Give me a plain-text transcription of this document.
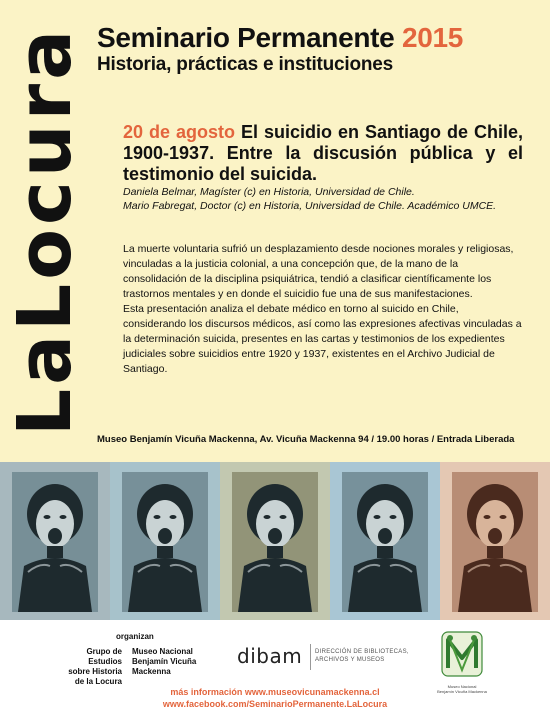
LaLocura Seminario Permanente 2015
Historia, prácticas e instituciones
20 de agosto El suicidio en Santiago de Chile, 1900-1937. Entre la discusión pública y el testimonio del suicida.
Daniela Belmar, Magíster (c) en Historia, Universidad de Chile.
Mario Fabregat, Doctor (c) en Historia, Universidad de Chile. Académico UMCE.

La muerte voluntaria sufrió un desplazamiento desde nociones morales y religiosas, vinculadas a la justicia colonial, a una concepción que, de la mano de la consolidación de la disciplina psiquiátrica, tendió a clasificar científicamente los trastornos mentales y en donde el suicidio fue una de sus manifestaciones.

Esta presentación analiza el debate médico en torno al suicido en Chile, considerando los discursos médicos, así como las expresiones afectivas vinculadas a la determinación suicida, presentes en las cartas y testimonios de los expedientes judiciales sobre suicidios entre 1920 y 1937, existentes en el Archivo Judicial de Santiago.

Museo Benjamín Vicuña Mackenna, Av. Vicuña Mackenna 94 / 19.00 horas / Entrada Liberada
organizan
Grupo de Estudios
sobre Historia
de la Locura
Museo Nacional
Benjamín Vicuña
Mackenna
dibam DIRECCIÓN DE BIBLIOTECAS,
ARCHIVOS Y MUSEOS
Museo Nacional
Benjamín Vicuña Mackenna
más información www.museovicunamackenna.cl
www.facebook.com/SeminarioPermanente.LaLocura
